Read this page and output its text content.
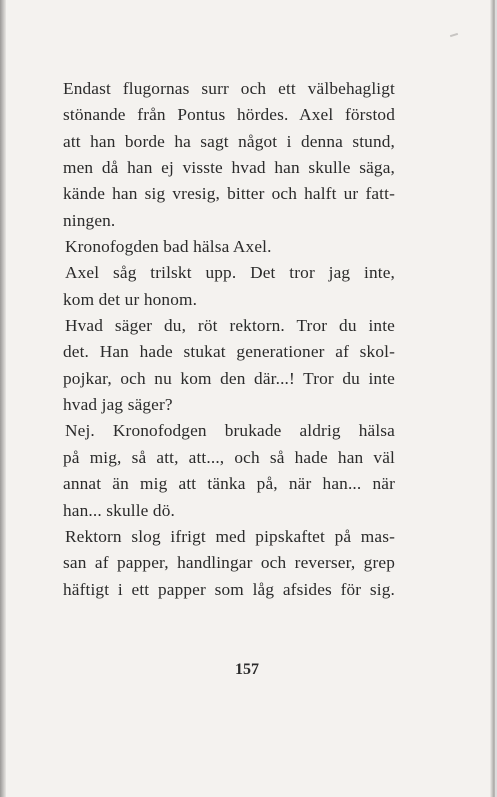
Endast flugornas surr och ett välbehagligt
stönande från Pontus hördes. Axel förstod
att han borde ha sagt något i denna stund,
men då han ej visste hvad han skulle säga,
kände han sig vresig, bitter och halft ur fatt-
ningen.
Kronofogden bad hälsa Axel.
Axel såg trilskt upp. Det tror jag inte,
kom det ur honom.
Hvad säger du, röt rektorn. Tror du inte
det. Han hade stukat generationer af skol-
pojkar, och nu kom den där...! Tror du inte
hvad jag säger?
Nej. Kronofodgen brukade aldrig hälsa
på mig, så att, att..., och så hade han väl
annat än mig att tänka på, när han... när
han... skulle dö.
Rektorn slog ifrigt med pipskaftet på mas-
san af papper, handlingar och reverser, grep
häftigt i ett papper som låg afsides för sig.
157
